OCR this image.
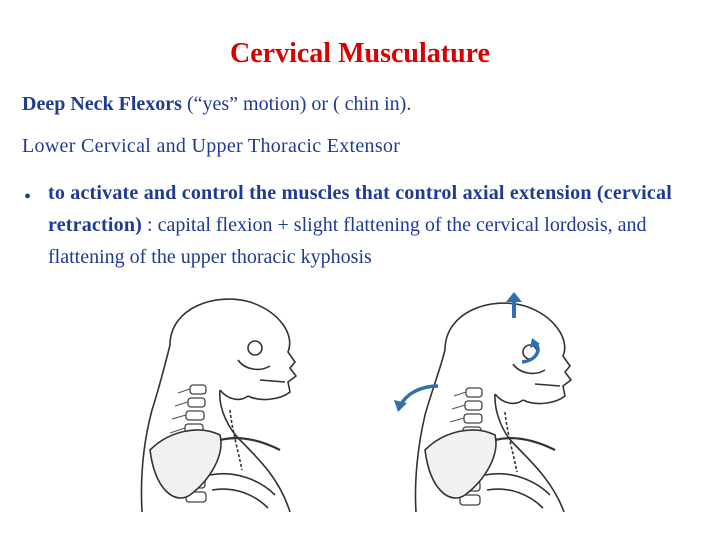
Cervical Musculature
Deep Neck Flexors (“yes” motion) or ( chin in).
Lower Cervical and Upper Thoracic Extensor
• to activate and control the muscles that control axial extension (cervical retraction) : capital flexion + slight flattening of the cervical lordosis, and flattening of the upper thoracic kyphosis
